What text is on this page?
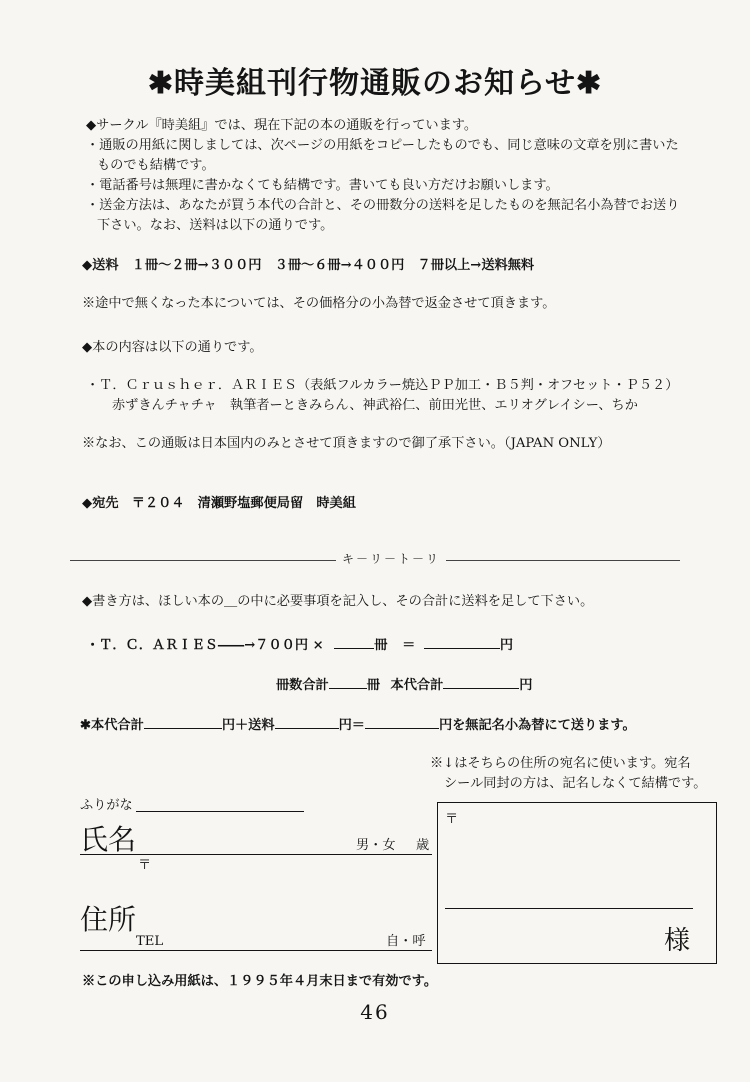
✱時美組刊行物通販のお知らせ✱
◆サークル『時美組』では、現在下記の本の通販を行っています。
・通販の用紙に関しましては、次ページの用紙をコピーしたものでも、同じ意味の文章を別に書いた
ものでも結構です。
・電話番号は無理に書かなくても結構です。書いても良い方だけお願いします。
・送金方法は、あなたが買う本代の合計と、その冊数分の送料を足したものを無記名小為替でお送り
下さい。なお、送料は以下の通りです。
◆送料　１冊～２冊→３００円　３冊～６冊→４００円　７冊以上→送料無料
※途中で無くなった本については、その価格分の小為替で返金させて頂きます。
◆本の内容は以下の通りです。
・Ｔ．Ｃｒｕｓｈｅｒ．ＡＲＩＥＳ（表紙フルカラー焼込ＰＰ加工・Ｂ５判・オフセット・Ｐ５２）
赤ずきんチャチャ　執筆者ーときみらん、神武裕仁、前田光世、エリオグレイシー、ちか
※なお、この通販は日本国内のみとさせて頂きますので御了承下さい。（JAPAN ONLY）
◆宛先　〒２０４　清瀬野塩郵便局留　時美組
キ－リ－ト－リ
◆書き方は、ほしい本の＿の中に必要事項を記入し、その合計に送料を足して下さい。
・Ｔ．Ｃ．ＡＲＩＥＳ――→７００円 ×	冊 ＝	円
冊数合計	冊 本代合計	円
✱本代合計	円＋送料	円＝	円を無記名小為替にて送ります。
※↓はそちらの住所の宛名に使います。宛名
シール同封の方は、記名しなくて結構です。
ふりがな
氏名	男・女 歳
〒
住所
TEL	自・呼
〒
様
※この申し込み用紙は、１９９５年４月末日まで有効です。
46
